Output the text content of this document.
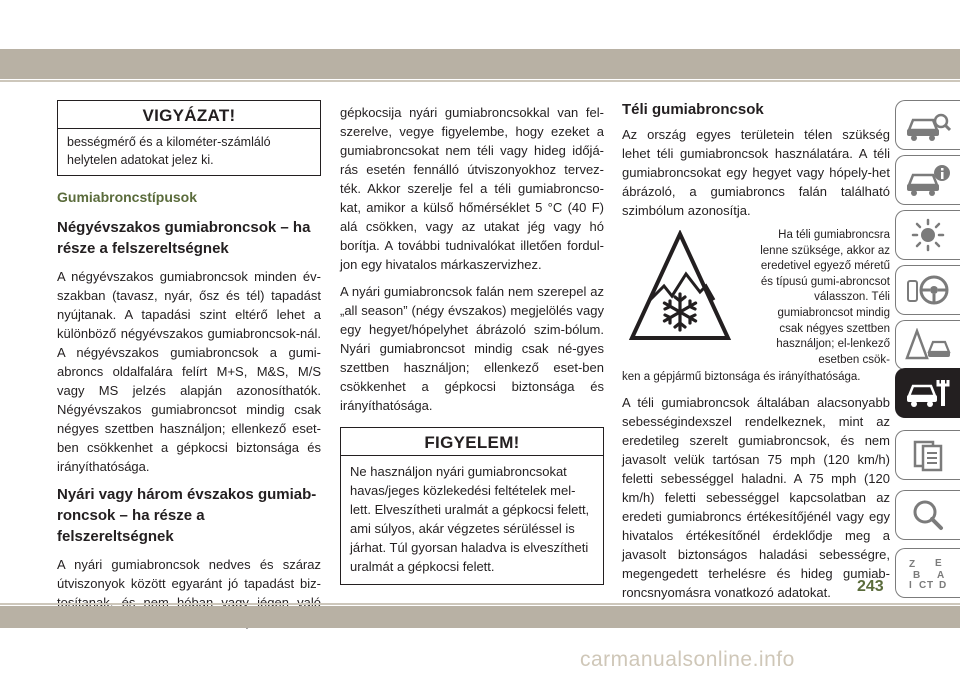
VIGYÁZAT!
bességmérő és a kilométer-számláló helytelen adatokat jelez ki.
Gumiabroncstípusok
Négyévszakos gumiabroncsok – ha része a felszereltségnek

A négyévszakos gumiabroncsok minden év-szakban (tavasz, nyár, ősz és tél) tapadást nyújtanak. A tapadási szint eltérő lehet a különböző négyévszakos gumiabroncsok-nál. A négyévszakos gumiabroncsok a gumi-abroncs oldalfalára felírt M+S, M&S, M/S vagy MS jelzés alapján azonosíthatók. Négyévszakos gumiabroncsot mindig csak négyes szettben használjon; ellenkező eset-ben csökkenhet a gépkocsi biztonsága és irányíthatósága.

Nyári vagy három évszakos gumiab-roncsok – ha része a felszereltségnek

A nyári gumiabroncsok nedves és száraz útviszonyok között egyaránt jó tapadást biz-

gépkocsija nyári gumiabroncsokkal van fel-szerelve, vegye figyelembe, hogy ezeket a gumiabroncsokat nem téli vagy hideg időjá-rás esetén fennálló útviszonyokhoz tervez-ték. Akkor szerelje fel a téli gumiabroncso-kat, amikor a külső hőmérséklet 5 °C (40 F) alá csökken, vagy az utakat jég vagy hó borítja. A további tudnivalókat illetően fordul-jon egy hivatalos márkaszervizhez.

A nyári gumiabroncsok falán nem szerepel az „all season” (négy évszakos) megjelölés vagy egy hegyet/hópelyhet ábrázoló szim-bólum. Nyári gumiabroncsot mindig csak né-gyes szettben használjon; ellenkező eset-ben csökkenhet a gépkocsi biztonsága és irányíthatósága.

FIGYELEM!
Ne használjon nyári gumiabroncsokat havas/jeges közlekedési feltételek mel-lett. Elveszítheti uralmát a gépkocsi felett, ami súlyos, akár végzetes sérüléssel is járhat. Túl gyorsan haladva is elveszítheti uralmát a gépkocsi felett.
Téli gumiabroncsok

Az ország egyes területein télen szükség lehet téli gumiabroncsok használatára. A téli gumiabroncsokat egy hegyet vagy hópely-het ábrázoló, a gumiabroncs falán található szimbólum azonosítja.

Ha téli gumiabroncsra lenne szüksége, akkor az eredetivel egyező méretű és típusú gumi-abroncsot válasszon. Téli gumiabroncsot mindig csak négyes szettben használjon; el-lenkező esetben csök-

ken a gépjármű biztonsága és irányíthatósága.

A téli gumiabroncsok általában alacsonyabb sebességindexszel rendelkeznek, mint az eredetileg szerelt gumiabroncsok, és nem javasolt velük tartósan 75 mph (120 km/h) feletti sebességgel haladni. A 75 mph (120 km/h) feletti sebességgel kapcsolatban az eredeti gumiabroncs értékesítőjénél vagy egy hivatalos értékesítőnél érdeklődje meg a javasolt biztonságos haladási sebességre, megengedett terhelésre és hideg gumiab-roncsnyomásra vonatkozó adatokat.

Z E
B A
I C T D
243
carmanualsonline.info
